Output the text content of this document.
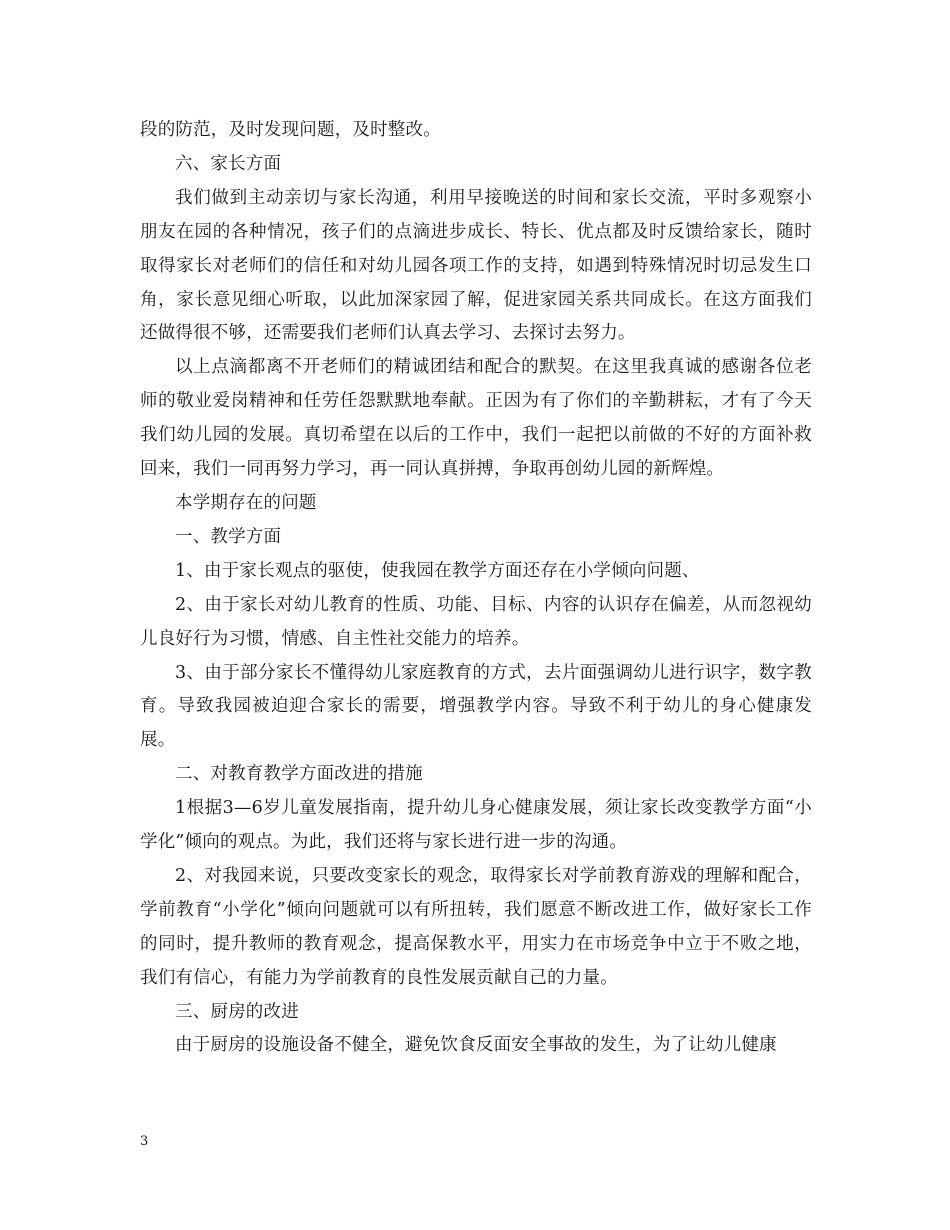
段的防范，及时发现问题，及时整改。

六、家长方面

我们做到主动亲切与家长沟通，利用早接晚送的时间和家长交流，平时多观察小朋友在园的各种情况，孩子们的点滴进步成长、特长、优点都及时反馈给家长，随时取得家长对老师们的信任和对幼儿园各项工作的支持，如遇到特殊情况时切忌发生口角，家长意见细心听取，以此加深家园了解，促进家园关系共同成长。在这方面我们还做得很不够，还需要我们老师们认真去学习、去探讨去努力。

以上点滴都离不开老师们的精诚团结和配合的默契。在这里我真诚的感谢各位老师的敬业爱岗精神和任劳任怨默默地奉献。正因为有了你们的辛勤耕耘，才有了今天我们幼儿园的发展。真切希望在以后的工作中，我们一起把以前做的不好的方面补救回来，我们一同再努力学习，再一同认真拼搏，争取再创幼儿园的新辉煌。

本学期存在的问题

一、教学方面

1、由于家长观点的驱使，使我园在教学方面还存在小学倾向问题、

2、由于家长对幼儿教育的性质、功能、目标、内容的认识存在偏差，从而忽视幼儿良好行为习惯，情感、自主性社交能力的培养。

3、由于部分家长不懂得幼儿家庭教育的方式，去片面强调幼儿进行识字，数字教育。导致我园被迫迎合家长的需要，增强教学内容。导致不利于幼儿的身心健康发展。

二、对教育教学方面改进的措施

1根据3—6岁儿童发展指南，提升幼儿身心健康发展，须让家长改变教学方面“小学化”倾向的观点。为此，我们还将与家长进行进一步的沟通。

2、对我园来说，只要改变家长的观念，取得家长对学前教育游戏的理解和配合，学前教育“小学化”倾向问题就可以有所扭转，我们愿意不断改进工作，做好家长工作的同时，提升教师的教育观念，提高保教水平，用实力在市场竞争中立于不败之地，我们有信心，有能力为学前教育的良性发展贡献自己的力量。

三、厨房的改进

由于厨房的设施设备不健全，避免饮食反面安全事故的发生，为了让幼儿健康

3
